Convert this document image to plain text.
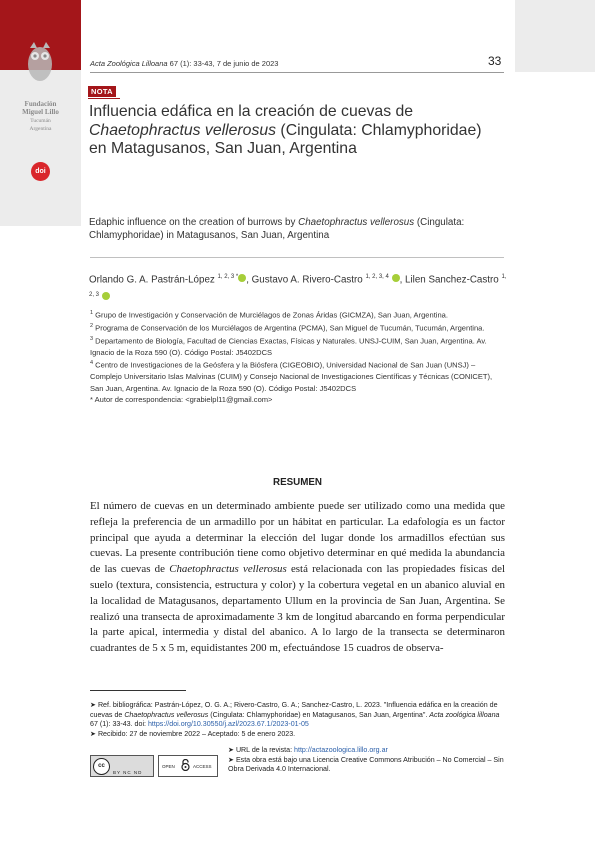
Fundación
Miguel Lillo
Tucumán
Argentina
doi
Acta Zoológica Lilloana 67 (1): 33-43, 7 de junio de 2023	33
NOTA
Influencia edáfica en la creación de cuevas de Chaetophractus vellerosus (Cingulata: Chlamyphoridae) en Matagusanos, San Juan, Argentina
Edaphic influence on the creation of burrows by Chaetophractus vellerosus (Cingulata: Chlamyphoridae) in Matagusanos, San Juan, Argentina
Orlando G. A. Pastrán-López $^{1, 2, 3 *}$ , Gustavo A. Rivero-Castro $^{1, 2, 3, 4}$ , Lilen Sanchez-Castro $^{1, 2, 3}$

$^1$ Grupo de Investigación y Conservación de Murciélagos de Zonas Áridas (GICMZA), San Juan, Argentina.

$^2$ Programa de Conservación de los Murciélagos de Argentina (PCMA), San Miguel de Tucumán, Tucumán, Argentina.

$^3$ Departamento de Biología, Facultad de Ciencias Exactas, Físicas y Naturales. UNSJ-CUIM, San Juan, Argentina. Av. Ignacio de la Roza 590 (O). Código Postal: J5402DCS

$^4$ Centro de Investigaciones de la Geósfera y la Biósfera (CIGEOBIO), Universidad Nacional de San Juan (UNSJ) – Complejo Universitario Islas Malvinas (CUIM) y Consejo Nacional de Investigaciones Científicas y Técnicas (CONICET), San Juan, Argentina. Av. Ignacio de la Roza 590 (O). Código Postal: J5402DCS

* Autor de correspondencia: <grabielpl11@gmail.com>

RESUMEN
El número de cuevas en un determinado ambiente puede ser utilizado como una medida que refleja la preferencia de un armadillo por un hábitat en particular. La edafología es un factor principal que ayuda a determinar la elección del lugar donde los armadillos efectúan sus cuevas. La presente contribución tiene como objetivo determinar en qué medida la abundancia de las cuevas de Chaetophractus vellerosus está relacionada con las propiedades físicas del suelo (textura, consistencia, estructura y color) y la cobertura vegetal en un abanico aluvial en la localidad de Matagusanos, departamento Ullum en la provincia de San Juan, Argentina. Se realizó una transecta de aproximadamente 3 km de longitud abarcando en forma perpendicular la parte apical, intermedia y distal del abanico. A lo largo de la transecta se determinaron cuadrantes de 5 x 5 m, equidistantes 200 m, efectuándose 15 cuadros de observa-
➤ Ref. bibliográfica: Pastrán-López, O. G. A.; Rivero-Castro, G. A.; Sanchez-Castro, L. 2023. "Influencia edáfica en la creación de cuevas de Chaetophractus vellerosus (Cingulata: Chlamyphoridae) en Matagusanos, San Juan, Argentina". Acta zoológica lilloana 67 (1): 33-43. doi: https://doi.org/10.30550/j.azl/2023.67.1/2023-01-05
➤ Recibido: 27 de noviembre 2022 – Aceptado: 5 de enero 2023.
➤ URL de la revista: http://actazoologica.lillo.org.ar
➤ Esta obra está bajo una Licencia Creative Commons Atribución – No Comercial – Sin Obra Derivada 4.0 Internacional.
cc
BY NC ND
OPEN	ACCESS
